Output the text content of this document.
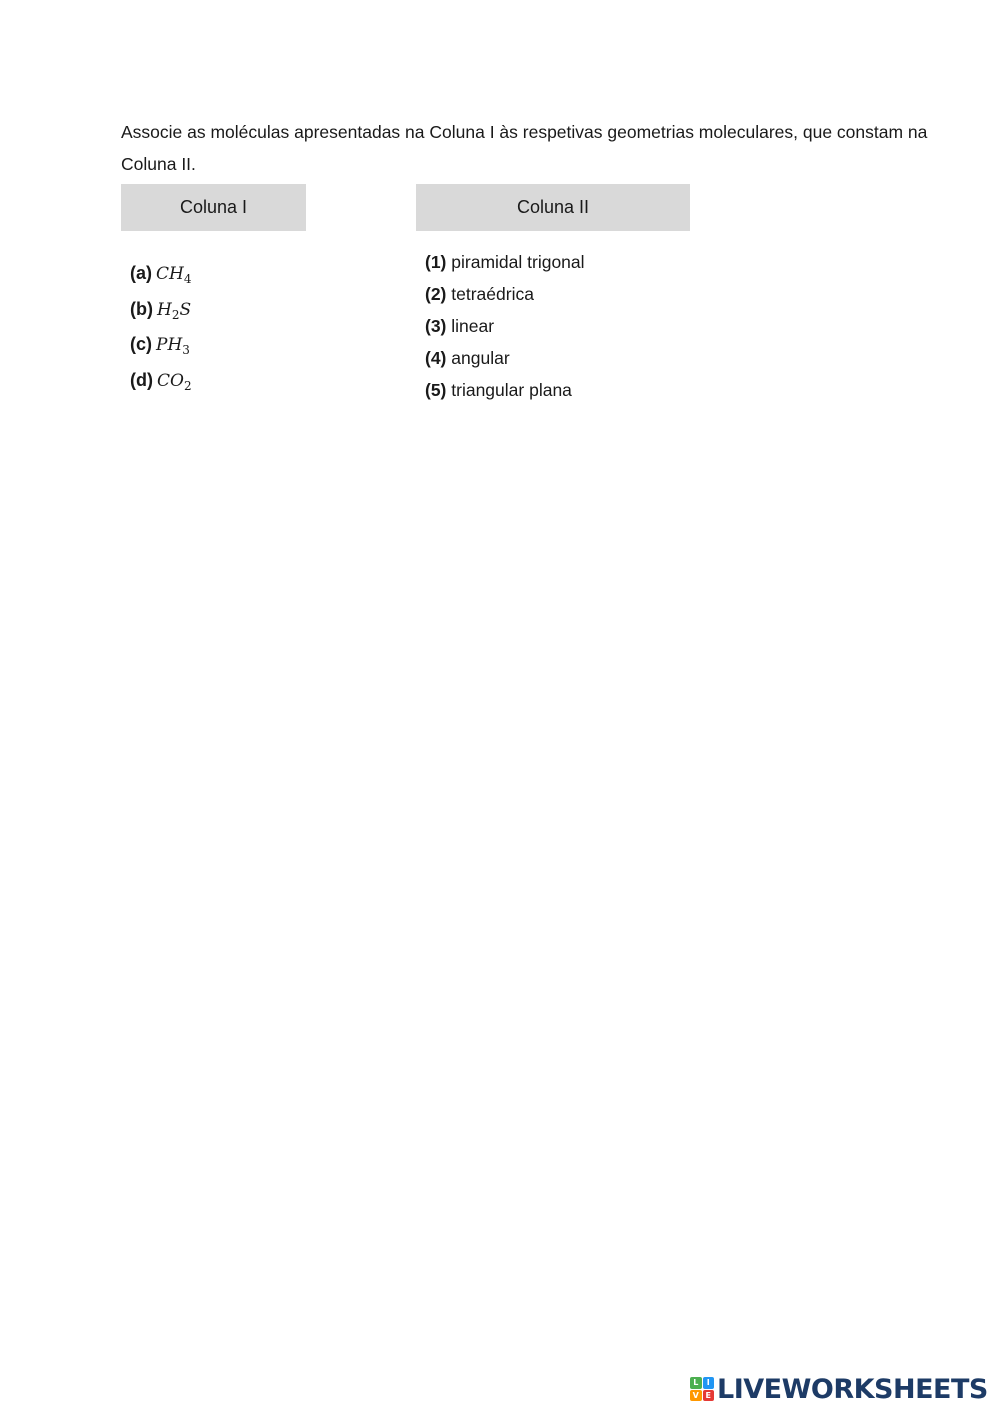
Associe as moléculas apresentadas na Coluna I às respetivas geometrias moleculares, que constam na Coluna II.

Coluna I	Coluna II
(a) $CH_4$
(b) $H_2S$
(c) $PH_3$
(d) $CO_2$
(1) piramidal trigonal
(2) tetraédrica
(3) linear
(4) angular
(5) triangular plana
L	I
V E LIVEWORKSHEETS
